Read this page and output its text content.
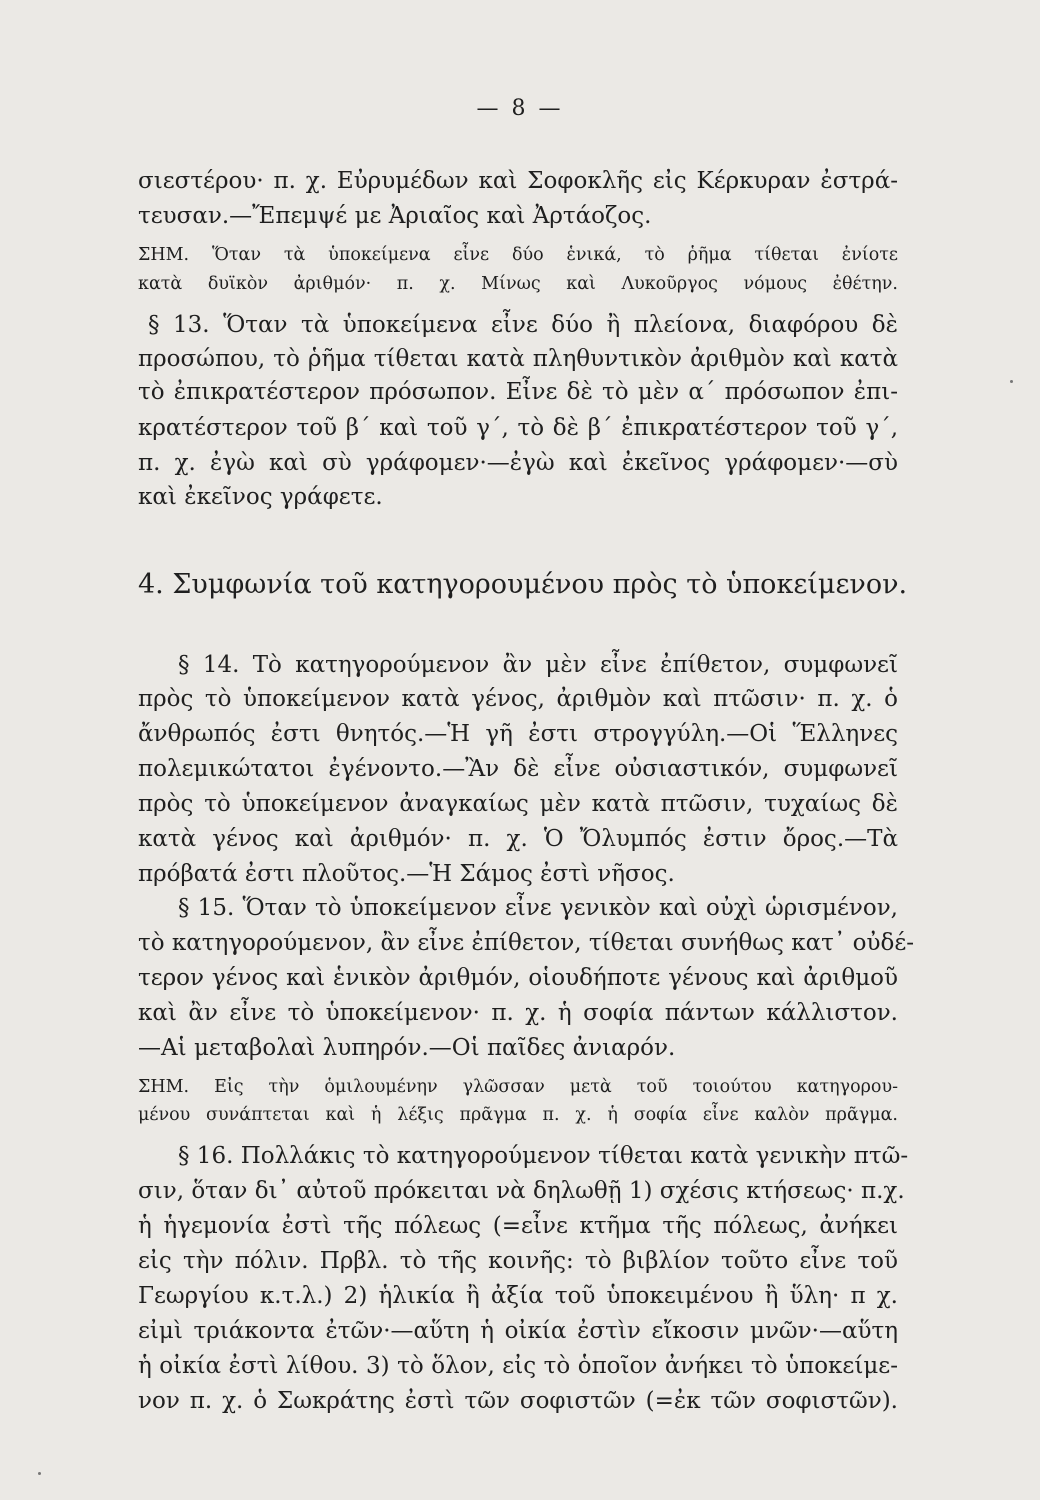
— 8 —
σιεστέρου· π. χ. Εὐρυμέδων καὶ Σοφοκλῆς εἰς Κέρκυραν ἐστρά-
τευσαν.—Ἔπεμψέ με Ἀριαῖος καὶ Ἀρτάοζος.
ΣΗΜ. Ὅταν τὰ ὑποκείμενα εἶνε δύο ἑνικά, τὸ ῥῆμα τίθεται ἐνίοτε
κατὰ δυϊκὸν ἀριθμόν· π. χ. Μίνως καὶ Λυκοῦργος νόμους ἐθέτην.
§ 13. Ὅταν τὰ ὑποκείμενα εἶνε δύο ἢ πλείονα, διαφόρου δὲ
προσώπου, τὸ ῥῆμα τίθεται κατὰ πληθυντικὸν ἀριθμὸν καὶ κατὰ
τὸ ἐπικρατέστερον πρόσωπον. Εἶνε δὲ τὸ μὲν α΄ πρόσωπον ἐπι-
κρατέστερον τοῦ β΄ καὶ τοῦ γ΄, τὸ δὲ β΄ ἐπικρατέστερον τοῦ γ΄,
π. χ. ἐγὼ καὶ σὺ γράφομεν·—ἐγὼ καὶ ἐκεῖνος γράφομεν·—σὺ
καὶ ἐκεῖνος γράφετε.
4. Συμφωνία τοῦ κατηγορουμένου πρὸς τὸ ὑποκείμενον.
§ 14. Τὸ κατηγορούμενον ἂν μὲν εἶνε ἐπίθετον, συμφωνεῖ
πρὸς τὸ ὑποκείμενον κατὰ γένος, ἀριθμὸν καὶ πτῶσιν· π. χ. ὁ
ἄνθρωπός ἐστι θνητός.—Ἡ γῆ ἐστι στρογγύλη.—Οἱ Ἕλληνες
πολεμικώτατοι ἐγένοντο.—Ἂν δὲ εἶνε οὐσιαστικόν, συμφωνεῖ
πρὸς τὸ ὑποκείμενον ἀναγκαίως μὲν κατὰ πτῶσιν, τυχαίως δὲ
κατὰ γένος καὶ ἀριθμόν· π. χ. Ὁ Ὄλυμπός ἐστιν ὄρος.—Τὰ
πρόβατά ἐστι πλοῦτος.—Ἡ Σάμος ἐστὶ νῆσος.
§ 15. Ὅταν τὸ ὑποκείμενον εἶνε γενικὸν καὶ οὐχὶ ὡρισμένον,
τὸ κατηγορούμενον, ἂν εἶνε ἐπίθετον, τίθεται συνήθως κατ᾽ οὐδέ-
τερον γένος καὶ ἑνικὸν ἀριθμόν, οἱουδήποτε γένους καὶ ἀριθμοῦ
καὶ ἂν εἶνε τὸ ὑποκείμενον· π. χ. ἡ σοφία πάντων κάλλιστον.
—Αἱ μεταβολαὶ λυπηρόν.—Οἱ παῖδες ἀνιαρόν.
ΣΗΜ. Εἰς τὴν ὁμιλουμένην γλῶσσαν μετὰ τοῦ τοιούτου κατηγορου-
μένου συνάπτεται καὶ ἡ λέξις πρᾶγμα π. χ. ἡ σοφία εἶνε καλὸν πρᾶγμα.
§ 16. Πολλάκις τὸ κατηγορούμενον τίθεται κατὰ γενικὴν πτῶ-
σιν, ὅταν δι᾽ αὐτοῦ πρόκειται νὰ δηλωθῇ 1) σχέσις κτήσεως· π.χ.
ἡ ἡγεμονία ἐστὶ τῆς πόλεως (=εἶνε κτῆμα τῆς πόλεως, ἀνήκει
εἰς τὴν πόλιν. Πρβλ. τὸ τῆς κοινῆς: τὸ βιβλίον τοῦτο εἶνε τοῦ
Γεωργίου κ.τ.λ.) 2) ἡλικία ἢ ἀξία τοῦ ὑποκειμένου ἢ ὕλη· π χ.
εἰμὶ τριάκοντα ἐτῶν·—αὕτη ἡ οἰκία ἐστὶν εἴκοσιν μνῶν·—αὕτη
ἡ οἰκία ἐστὶ λίθου. 3) τὸ ὅλον, εἰς τὸ ὁποῖον ἀνήκει τὸ ὑποκείμε-
νον π. χ. ὁ Σωκράτης ἐστὶ τῶν σοφιστῶν (=ἐκ τῶν σοφιστῶν).
